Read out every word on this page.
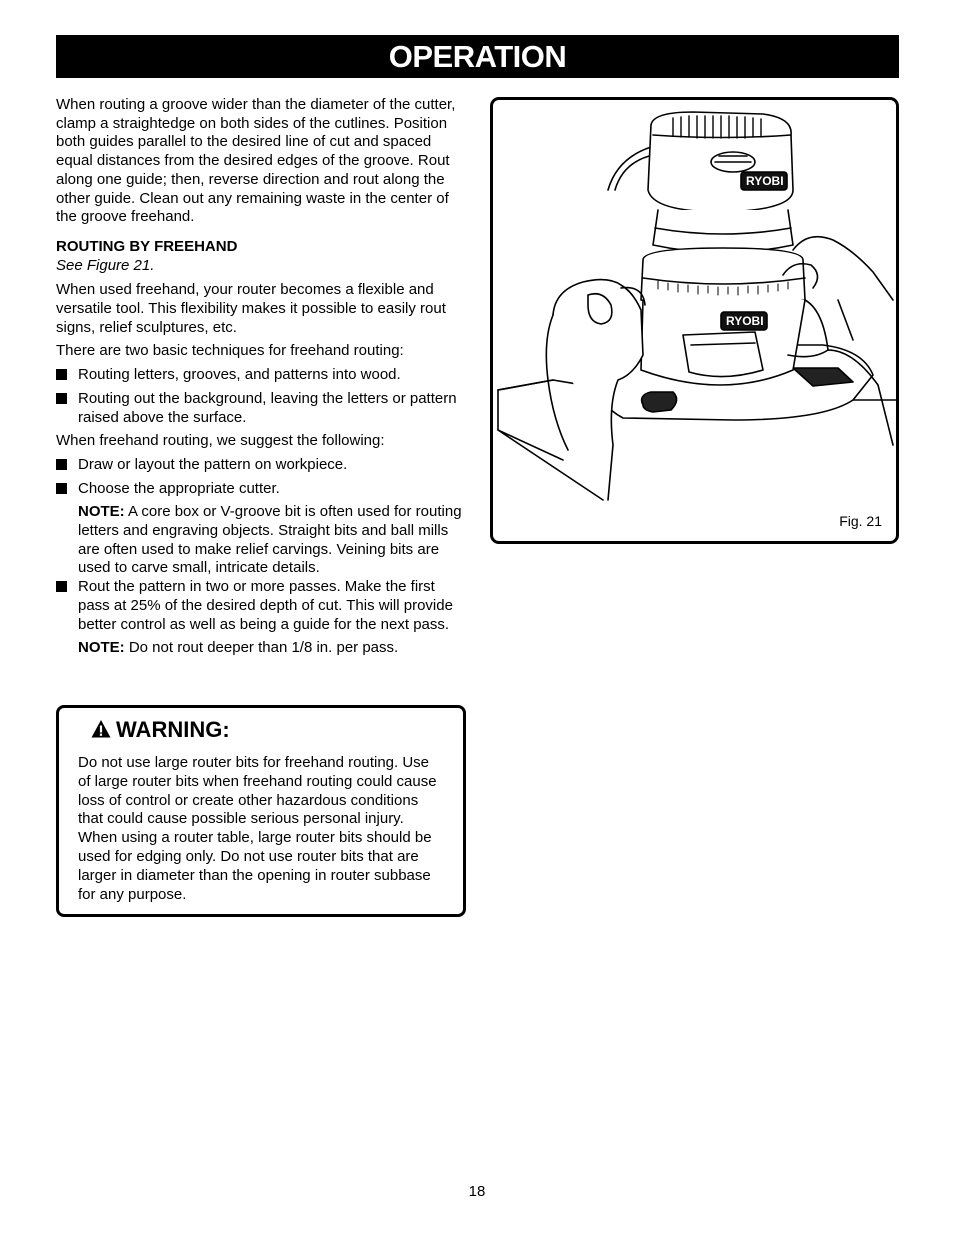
OPERATION

When routing a groove wider than the diameter of the cutter, clamp a straightedge on both sides of the cutlines. Position both guides parallel to the desired line of cut and spaced equal distances from the desired edges of the groove. Rout along one guide; then, reverse direction and rout along the other guide. Clean out any remaining waste in the center of the groove freehand.

ROUTING BY FREEHAND

See Figure 21.

When used freehand, your router becomes a flexible and versatile tool. This flexibility makes it possible to easily rout signs, relief sculptures, etc.

There are two basic techniques for freehand routing:

Routing letters, grooves, and patterns into wood.
Routing out the background, leaving the letters or pattern raised above the surface.

When freehand routing, we suggest the following:

Draw or layout the pattern on workpiece.
Choose the appropriate cutter.

NOTE: A core box or V-groove bit is often used for routing letters and engraving objects. Straight bits and ball mills are often used to make relief carvings. Veining bits are used to carve small, intricate details.

Rout the pattern in two or more passes. Make the first pass at 25% of the desired depth of cut. This will provide better control as well as being a guide for the next pass.

NOTE: Do not rout deeper than 1/8 in. per pass.

WARNING:

Do not use large router bits for freehand routing. Use of large router bits when freehand routing could cause loss of control or create other hazardous conditions that could cause possible serious personal injury. When using a router table, large router bits should be used for edging only. Do not use router bits that are larger in diameter than the opening in router subbase for any purpose.

RYOBI
RYOBI
Fig. 21
18
